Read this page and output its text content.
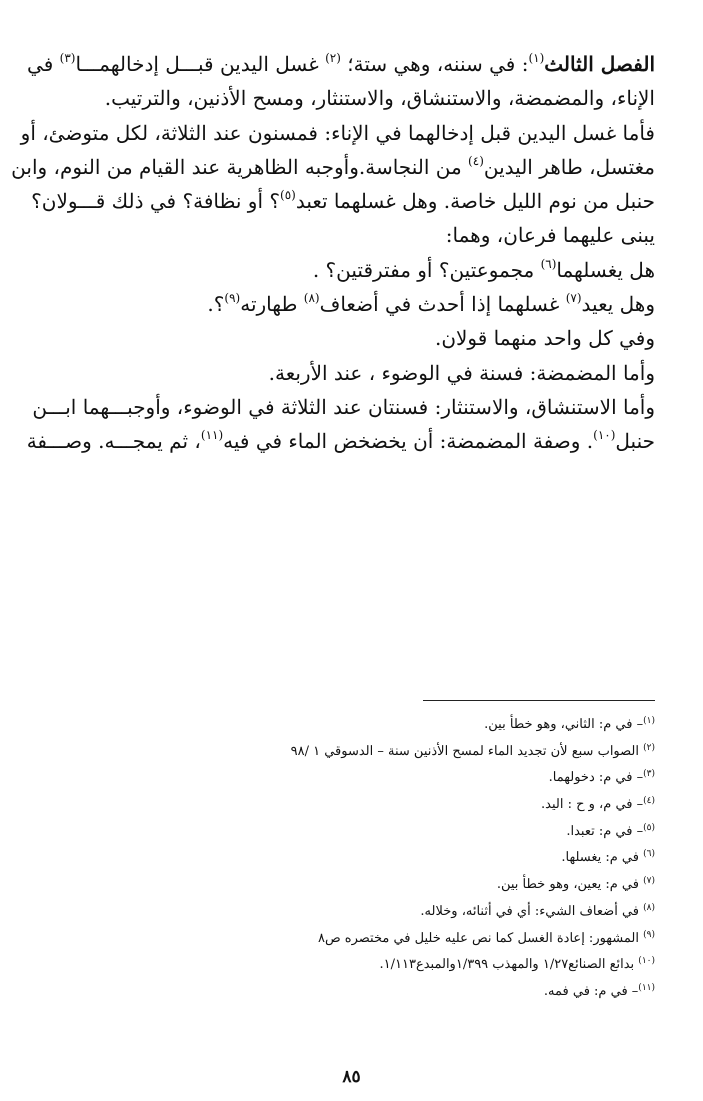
الفصل الثالث$^{(١)}$: في سننه، وهي ستة؛ $^{(٢)}$ غسل اليدين قبـــل إدخالهمـــا$^{(٣)}$ في
الإناء، والمضمضة، والاستنشاق، والاستنثار، ومسح الأذنين، والترتيب.
فأما غسل اليدين قبل إدخالهما في الإناء: فمسنون عند الثلاثة، لكل متوضئ، أو
مغتسل، طاهر اليدين$^{(٤)}$ من النجاسة.وأوجبه الظاهرية عند القيام من النوم، وابن
حنبل من نوم الليل خاصة. وهل غسلهما تعبد$^{(٥)}$؟ أو نظافة؟ في ذلك قـــولان؟
يبنى عليهما فرعان، وهما:
هل يغسلهما$^{(٦)}$ مجموعتين؟ أو مفترقتين؟ .
وهل يعيد$^{(٧)}$ غسلهما إذا أحدث في أضعاف$^{(٨)}$ طهارته$^{(٩)}$؟.
وفي كل واحد منهما قولان.
وأما المضمضة: فسنة في الوضوء ، عند الأربعة.
وأما الاستنشاق، والاستنثار: فسنتان عند الثلاثة في الوضوء، وأوجبـــهما ابـــن
حنبل$^{(١٠)}$. وصفة المضمضة: أن يخضخض الماء في فيه$^{(١١)}$، ثم يمجـــه. وصـــفة
$^{(١)}$– في م: الثاني، وهو خطأ بين.
$^{(٢)}$ الصواب سبع لأن تجديد الماء لمسح الأذنين سنة – الدسوقي ١ /٩٨
$^{(٣)}$– في م: دخولهما.
$^{(٤)}$– في م، و ح : اليد.
$^{(٥)}$– في م: تعبدا.
$^{(٦)}$ في م: يغسلها.
$^{(٧)}$ في م: يعين، وهو خطأ بين.
$^{(٨)}$ في أضعاف الشيء: أي في أثنائه، وخلاله.
$^{(٩)}$ المشهور: إعادة الغسل كما نص عليه خليل في مختصره ص٨
$^{(١٠)}$ بدائع الصنائع١/٢٧ والمهذب ١/٣٩٩والمبدع١/١١٣.
$^{(١١)}$– في م: في فمه.
٨٥
